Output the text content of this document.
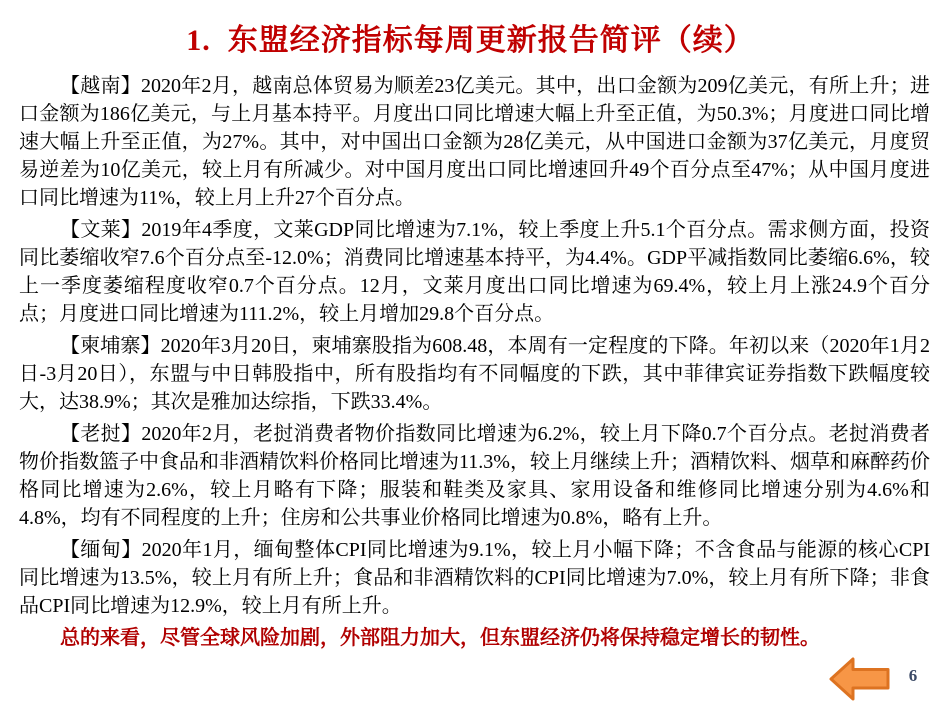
1.  东盟经济指标每周更新报告简评（续）

【越南】2020年2月，越南总体贸易为顺差23亿美元。其中，出口金额为209亿美元，有所上升；进口金额为186亿美元，与上月基本持平。月度出口同比增速大幅上升至正值，为50.3%；月度进口同比增速大幅上升至正值，为27%。其中，对中国出口金额为28亿美元，从中国进口金额为37亿美元，月度贸易逆差为10亿美元，较上月有所减少。对中国月度出口同比增速回升49个百分点至47%；从中国月度进口同比增速为11%，较上月上升27个百分点。

【文莱】2019年4季度，文莱GDP同比增速为7.1%，较上季度上升5.1个百分点。需求侧方面，投资同比萎缩收窄7.6个百分点至-12.0%；消费同比增速基本持平，为4.4%。GDP平减指数同比萎缩6.6%，较上一季度萎缩程度收窄0.7个百分点。12月，文莱月度出口同比增速为69.4%，较上月上涨24.9个百分点；月度进口同比增速为111.2%，较上月增加29.8个百分点。

【柬埔寨】2020年3月20日，柬埔寨股指为608.48，本周有一定程度的下降。年初以来（2020年1月2日-3月20日），东盟与中日韩股指中，所有股指均有不同幅度的下跌，其中菲律宾证券指数下跌幅度较大，达38.9%；其次是雅加达综指，下跌33.4%。

【老挝】2020年2月，老挝消费者物价指数同比增速为6.2%，较上月下降0.7个百分点。老挝消费者物价指数篮子中食品和非酒精饮料价格同比增速为11.3%，较上月继续上升；酒精饮料、烟草和麻醉药价格同比增速为2.6%，较上月略有下降；服装和鞋类及家具、家用设备和维修同比增速分别为4.6%和4.8%，均有不同程度的上升；住房和公共事业价格同比增速为0.8%，略有上升。

【缅甸】2020年1月，缅甸整体CPI同比增速为9.1%，较上月小幅下降；不含食品与能源的核心CPI同比增速为13.5%，较上月有所上升；食品和非酒精饮料的CPI同比增速为7.0%，较上月有所下降；非食品CPI同比增速为12.9%，较上月有所上升。

总的来看，尽管全球风险加剧，外部阻力加大，但东盟经济仍将保持稳定增长的韧性。
6
